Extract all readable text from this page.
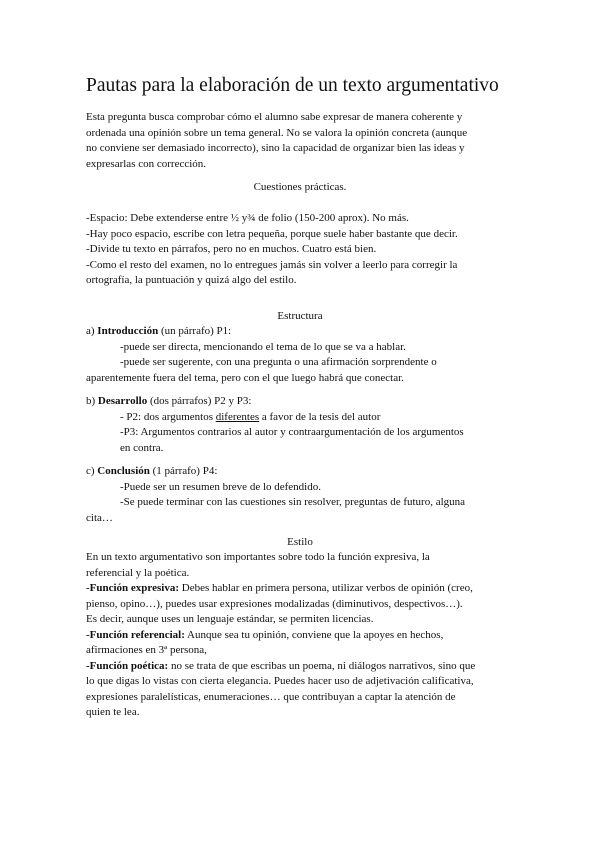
Pautas para la elaboración de un texto argumentativo

Esta pregunta busca comprobar cómo el alumno sabe expresar de manera coherente y
ordenada una opinión sobre un tema general. No se valora la opinión concreta (aunque
no conviene ser demasiado incorrecto), sino la capacidad de organizar bien las ideas y
expresarlas con corrección.

Cuestiones prácticas.

-Espacio: Debe extenderse entre ½ y¾ de folio (150-200 aprox). No más.
-Hay poco espacio, escribe con letra pequeña, porque suele haber bastante que decir.
-Divide tu texto en párrafos, pero no en muchos. Cuatro está bien.
-Como el resto del examen, no lo entregues jamás sin volver a leerlo para corregir la
ortografía, la puntuación y quizá algo del estilo.

Estructura

a) Introducción (un párrafo) P1:
-puede ser directa, mencionando el tema de lo que se va a hablar.
-puede ser sugerente, con una pregunta o una afirmación sorprendente o
aparentemente fuera del tema, pero con el que luego habrá que conectar.

b) Desarrollo (dos párrafos) P2 y P3:
- P2: dos argumentos diferentes a favor de la tesis del autor
-P3: Argumentos contrarios al autor y contraargumentación de los argumentos
en contra.

c) Conclusión (1 párrafo) P4:
-Puede ser un resumen breve de lo defendido.
-Se puede terminar con las cuestiones sin resolver, preguntas de futuro, alguna
cita…

Estilo

En un texto argumentativo son importantes sobre todo la función expresiva, la
referencial y la poética.
-Función expresiva: Debes hablar en primera persona, utilizar verbos de opinión (creo,
pienso, opino…), puedes usar expresiones modalizadas (diminutivos, despectivos…).
Es decir, aunque uses un lenguaje estándar, se permiten licencias.
-Función referencial: Aunque sea tu opinión, conviene que la apoyes en hechos,
afirmaciones en 3ª persona,
-Función poética: no se trata de que escribas un poema, ni diálogos narrativos, sino que
lo que digas lo vistas con cierta elegancia. Puedes hacer uso de adjetivación calificativa,
expresiones paralelísticas, enumeraciones… que contribuyan a captar la atención de
quien te lea.
